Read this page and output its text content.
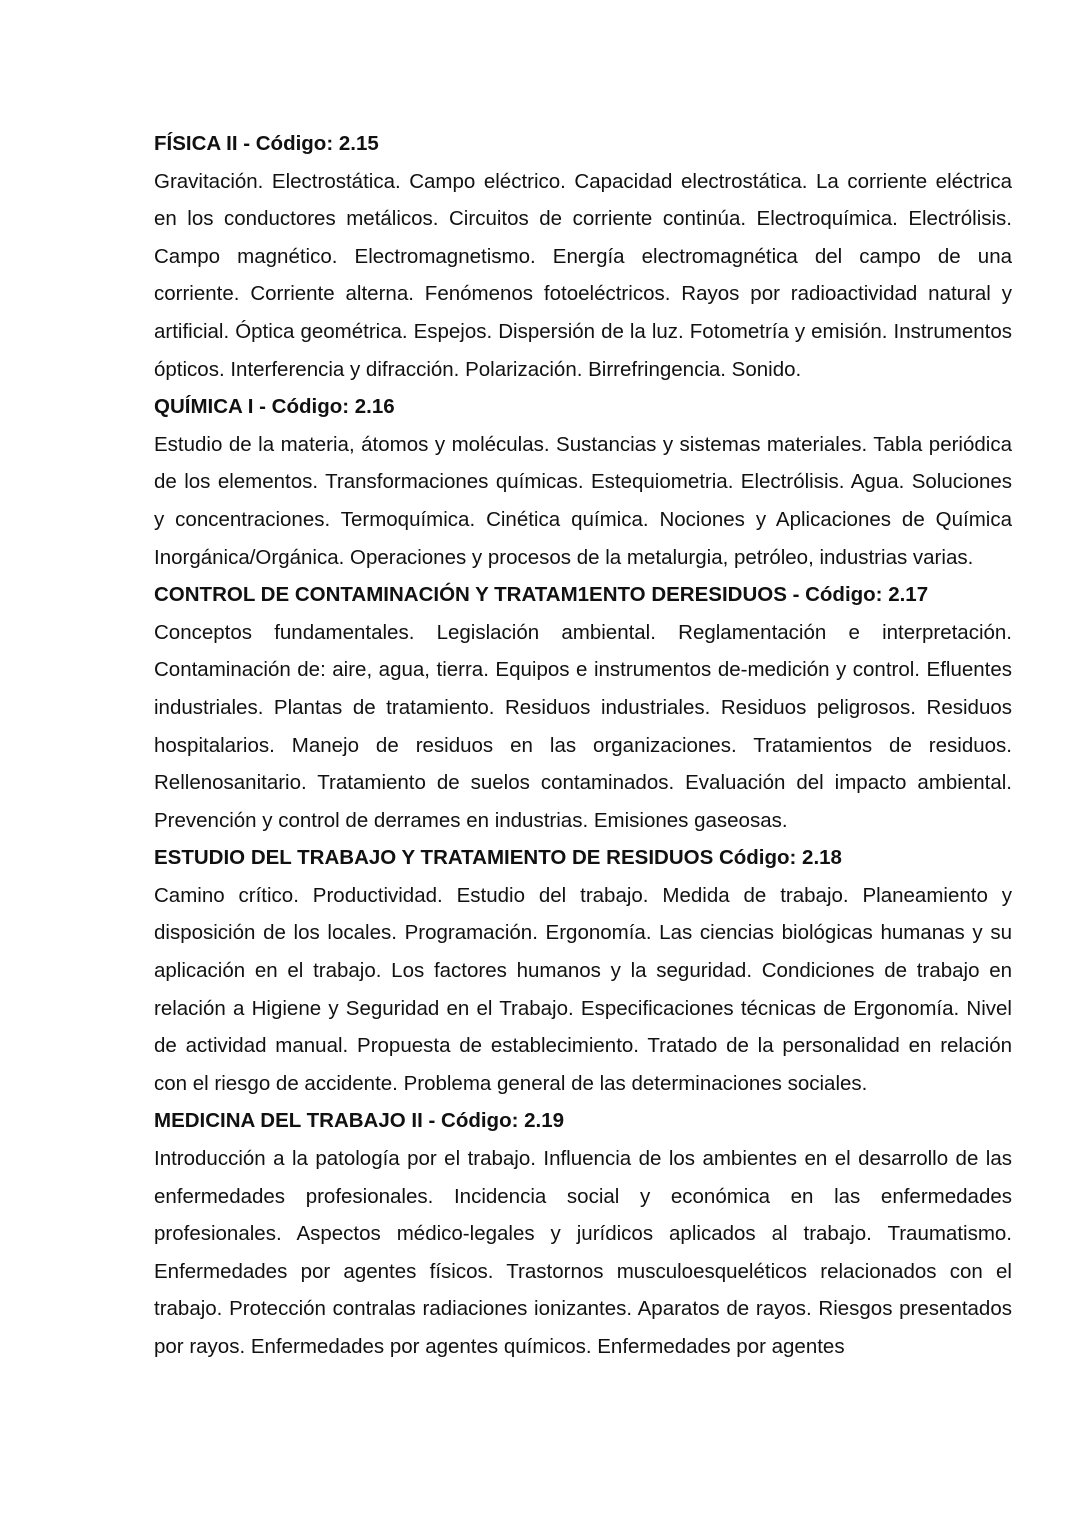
FÍSICA II - Código: 2.15

Gravitación. Electrostática. Campo eléctrico. Capacidad electrostática. La corriente eléctrica en los conductores metálicos. Circuitos de corriente continúa. Electroquímica. Electrólisis. Campo magnético. Electromagnetismo. Energía electromagnética del campo de una corriente. Corriente alterna. Fenómenos fotoeléctricos. Rayos por radioactividad natural y artificial. Óptica geométrica. Espejos. Dispersión de la luz. Fotometría y emisión. Instrumentos ópticos. Interferencia y difracción. Polarización. Birrefringencia. Sonido.

QUÍMICA I - Código: 2.16

Estudio de la materia, átomos y moléculas. Sustancias y sistemas materiales. Tabla periódica de los elementos. Transformaciones químicas. Estequiometria. Electrólisis. Agua. Soluciones y concentraciones. Termoquímica. Cinética química. Nociones y Aplicaciones de Química Inorgánica/Orgánica. Operaciones y procesos de la metalurgia, petróleo, industrias varias.

CONTROL DE CONTAMINACIÓN Y TRATAM1ENTO DERESIDUOS - Código: 2.17

Conceptos fundamentales. Legislación ambiental. Reglamentación e interpretación. Contaminación de: aire, agua, tierra. Equipos e instrumentos de-medición y control. Efluentes industriales. Plantas de tratamiento. Residuos industriales. Residuos peligrosos. Residuos hospitalarios. Manejo de residuos en las organizaciones. Tratamientos de residuos. Rellenosanitario. Tratamiento de suelos contaminados. Evaluación del impacto ambiental. Prevención y control de derrames en industrias. Emisiones gaseosas.

ESTUDIO DEL TRABAJO Y TRATAMIENTO DE RESIDUOS Código: 2.18

Camino crítico. Productividad. Estudio del trabajo. Medida de trabajo. Planeamiento y disposición de los locales. Programación. Ergonomía. Las ciencias biológicas humanas y su aplicación en el trabajo. Los factores humanos y la seguridad. Condiciones de trabajo en relación a Higiene y Seguridad en el Trabajo. Especificaciones técnicas de Ergonomía. Nivel de actividad manual. Propuesta de establecimiento. Tratado de la personalidad en relación con el riesgo de accidente. Problema general de las determinaciones sociales.

MEDICINA DEL TRABAJO II - Código: 2.19

Introducción a la patología por el trabajo. Influencia de los ambientes en el desarrollo de las enfermedades profesionales. Incidencia social y económica en las enfermedades profesionales. Aspectos médico-legales y jurídicos aplicados al trabajo. Traumatismo. Enfermedades por agentes físicos. Trastornos musculoesqueléticos relacionados con el trabajo. Protección contralas radiaciones ionizantes. Aparatos de rayos. Riesgos presentados por rayos. Enfermedades por agentes químicos. Enfermedades por agentes
